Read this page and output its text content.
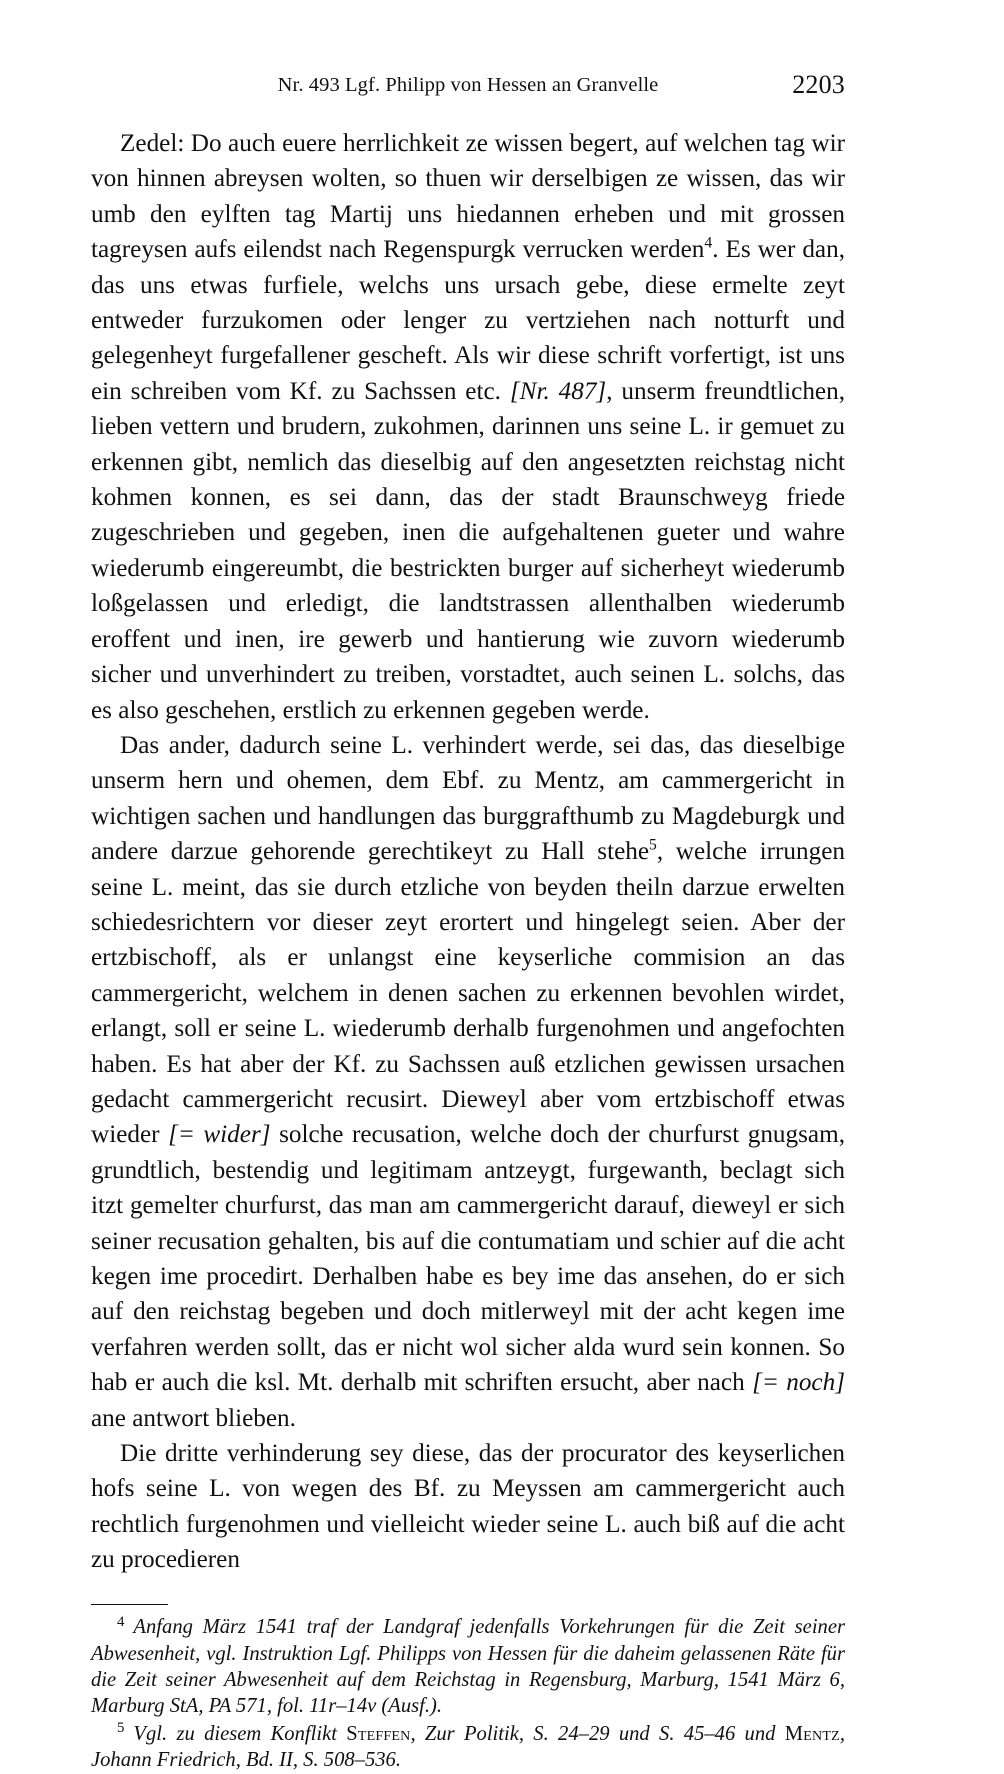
Nr. 493 Lgf. Philipp von Hessen an Granvelle	2203

Zedel: Do auch euere herrlichkeit ze wissen begert, auf welchen tag wir von hinnen abreysen wolten, so thuen wir derselbigen ze wissen, das wir umb den eylften tag Martij uns hiedannen erheben und mit grossen tagreysen aufs eilendst nach Regenspurgk verrucken werden$^4$. Es wer dan, das uns etwas furfiele, welchs uns ursach gebe, diese ermelte zeyt entweder furzukomen oder lenger zu vertziehen nach notturft und gelegenheyt furgefallener gescheft. Als wir diese schrift vorfertigt, ist uns ein schreiben vom Kf. zu Sachssen etc. [Nr. 487], unserm freundtlichen, lieben vettern und brudern, zukohmen, darinnen uns seine L. ir gemuet zu erkennen gibt, nemlich das dieselbig auf den angesetzten reichstag nicht kohmen konnen, es sei dann, das der stadt Braunschweyg friede zugeschrieben und gegeben, inen die aufgehaltenen gueter und wahre wiederumb eingereumbt, die bestrickten burger auf sicherheyt wiederumb loßgelassen und erledigt, die landtstrassen allenthalben wiederumb eroffent und inen, ire gewerb und hantierung wie zuvorn wiederumb sicher und unverhindert zu treiben, vorstadtet, auch seinen L. solchs, das es also geschehen, erstlich zu erkennen gegeben werde.

Das ander, dadurch seine L. verhindert werde, sei das, das dieselbige unserm hern und ohemen, dem Ebf. zu Mentz, am cammergericht in wichtigen sachen und handlungen das burggrafthumb zu Magdeburgk und andere darzue gehorende gerechtikeyt zu Hall stehe$^5$, welche irrungen seine L. meint, das sie durch etzliche von beyden theiln darzue erwelten schiedesrichtern vor dieser zeyt erortert und hingelegt seien. Aber der ertzbischoff, als er unlangst eine keyserliche commision an das cammergericht, welchem in denen sachen zu erkennen bevohlen wirdet, erlangt, soll er seine L. wiederumb derhalb furgenohmen und angefochten haben. Es hat aber der Kf. zu Sachssen auß etzlichen gewissen ursachen gedacht cammergericht recusirt. Dieweyl aber vom ertzbischoff etwas wieder [= wider] solche recusation, welche doch der churfurst gnugsam, grundtlich, bestendig und legitimam antzeygt, furgewanth, beclagt sich itzt gemelter churfurst, das man am cammergericht darauf, dieweyl er sich seiner recusation gehalten, bis auf die contumatiam und schier auf die acht kegen ime procedirt. Derhalben habe es bey ime das ansehen, do er sich auf den reichstag begeben und doch mitlerweyl mit der acht kegen ime verfahren werden sollt, das er nicht wol sicher alda wurd sein konnen. So hab er auch die ksl. Mt. derhalb mit schriften ersucht, aber nach [= noch] ane antwort blieben.

Die dritte verhinderung sey diese, das der procurator des keyserlichen hofs seine L. von wegen des Bf. zu Meyssen am cammergericht auch rechtlich furgenohmen und vielleicht wieder seine L. auch biß auf die acht zu procedieren

$^4$ Anfang März 1541 traf der Landgraf jedenfalls Vorkehrungen für die Zeit seiner Abwesenheit, vgl. Instruktion Lgf. Philipps von Hessen für die daheim gelassenen Räte für die Zeit seiner Abwesenheit auf dem Reichstag in Regensburg, Marburg, 1541 März 6, Marburg StA, PA 571, fol. 11r–14v (Ausf.).

$^5$ Vgl. zu diesem Konflikt Steffen, Zur Politik, S. 24–29 und S. 45–46 und Mentz, Johann Friedrich, Bd. II, S. 508–536.
